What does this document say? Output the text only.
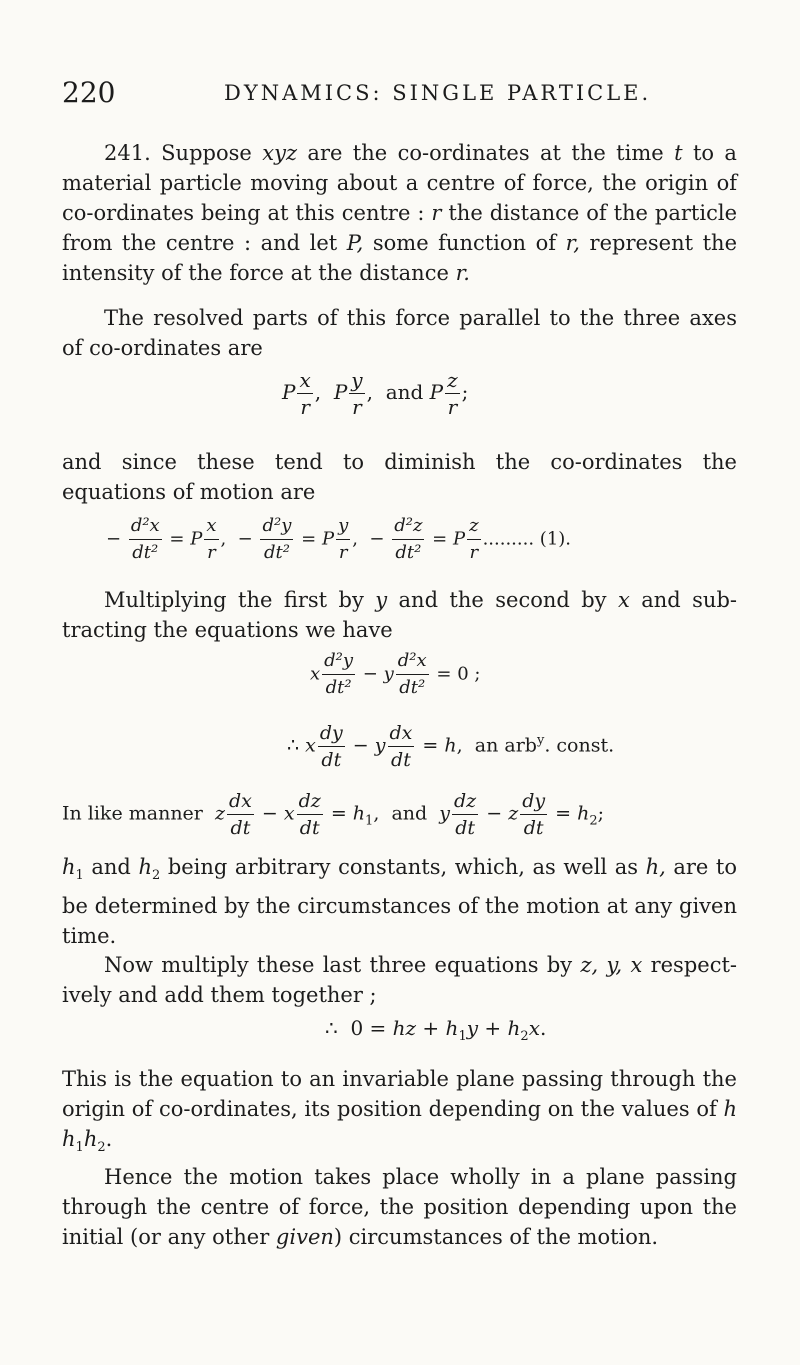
220	DYNAMICS: SINGLE PARTICLE.
241. Suppose xyz are the co-ordinates at the time t to a material particle moving about a centre of force, the origin of co-ordinates being at this centre : r the distance of the particle from the centre : and let P, some function of r, represent the intensity of the force at the distance r.
The resolved parts of this force parallel to the three axes of co-ordinates are
P $\frac{x}{r}$ ,  P $\frac{y}{r}$ ,  and P $\frac{z}{r}$ ;
and since these tend to diminish the co-ordinates the equations of motion are
− $\frac{\text{d²x}}{\text{dt²}} = P \frac{x}{r}$ ,  − $\frac{\text{d²y}}{\text{dt²}} = P \frac{y}{r}$ ,  − $\frac{\text{d²z}}{\text{dt²}} = P \frac{z}{r}$ ......... (1).
Multiplying the first by y and the second by x and sub-tracting the equations we have
x $\frac{\text{d²y}}{\text{dt²}} - y \frac{\text{d²x}}{\text{dt²}} = 0$ ;
∴ x $\frac{dy}{dt} - y \frac{dx}{dt} = h$,  an arb$^y$. const.
In like manner z $\frac{dx}{dt} - x \frac{dz}{dt} = h_1$,  and y $\frac{dz}{dt} - z \frac{dy}{dt} = h_2$;
$h_1$ and $h_2$ being arbitrary constants, which, as well as h, are to be determined by the circumstances of the motion at any given time.
Now multiply these last three equations by z, y, x respect-ively and add them together ;
∴  0 = hz + $h_1y + h_2x$.
This is the equation to an invariable plane passing through the origin of co-ordinates, its position depending on the values of h $h_1h_2$.
Hence the motion takes place wholly in a plane passing through the centre of force, the position depending upon the initial (or any other given) circumstances of the motion.
